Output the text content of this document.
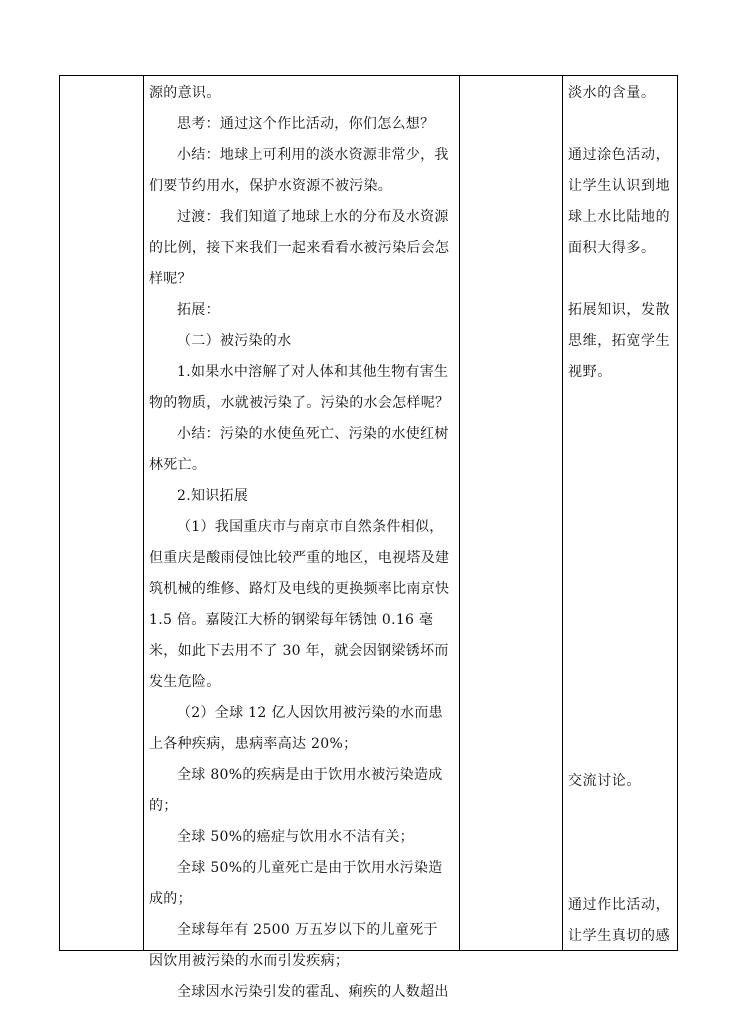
源的意识。

思考：通过这个作比活动，你们怎么想？

小结：地球上可利用的淡水资源非常少，我们要节约用水，保护水资源不被污染。

过渡：我们知道了地球上水的分布及水资源的比例，接下来我们一起来看看水被污染后会怎样呢？

拓展：

（二）被污染的水

1.如果水中溶解了对人体和其他生物有害生物的物质，水就被污染了。污染的水会怎样呢？

小结：污染的水使鱼死亡、污染的水使红树林死亡。

2.知识拓展

（1）我国重庆市与南京市自然条件相似，但重庆是酸雨侵蚀比较严重的地区，电视塔及建筑机械的维修、路灯及电线的更换频率比南京快 1.5 倍。嘉陵江大桥的钢梁每年锈蚀 0.16 毫米，如此下去用不了 30 年，就会因钢梁锈坏而发生危险。

（2）全球 12 亿人因饮用被污染的水而患上各种疾病，患病率高达 20%；

全球 80%的疾病是由于饮用水被污染造成的；

全球 50%的癌症与饮用水不洁有关；

全球 50%的儿童死亡是由于饮用水污染造成的；

全球每年有 2500 万五岁以下的儿童死于因饮用被污染的水而引发疾病；

全球因水污染引发的霍乱、痢疾的人数超出

淡水的含量。

通过涂色活动，让学生认识到地球上水比陆地的面积大得多。

拓展知识，发散思维，拓宽学生视野。

交流讨论。

通过作比活动，让学生真切的感
